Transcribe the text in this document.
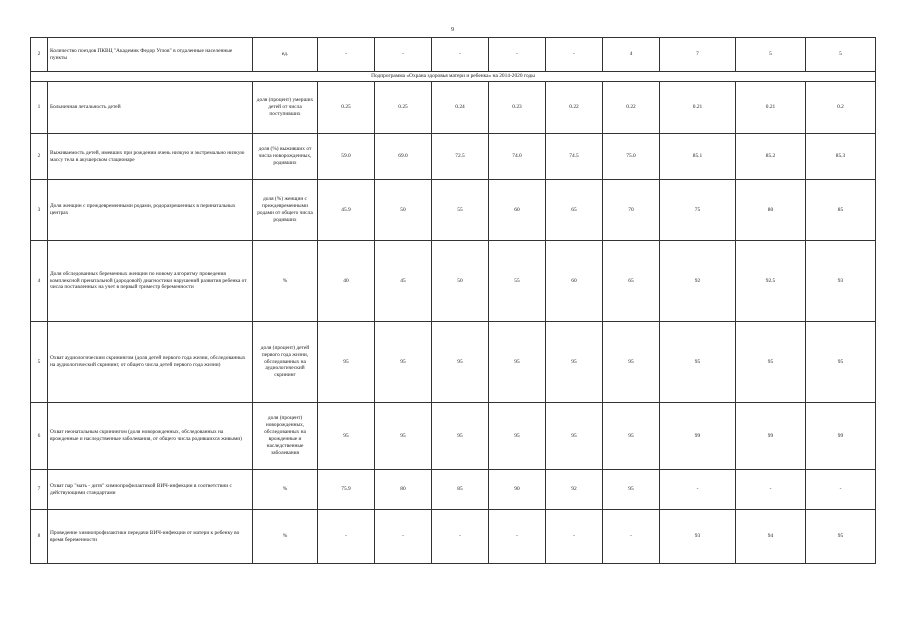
9
2	Количество поездов ПКВЦ "Академик Федор Углов" в отдаленные населенные пункты	ед.	-	-	-	-	-	4	7	5	5
Подпрограмма «Охрана здоровья матери и ребенка» на 2014-2020 годы											
1	Больничная летальность детей	доля (процент) умерших детей от числа поступивших	0.25	0.25	0.24	0.23	0.22	0.22	0.21	0.21	0.2
2	Выживаемость детей, имевших при рождении очень низкую и экстремально низкую массу тела в акушерском стационаре	доля (%) выживших от числа новорожденных, родивших	59.0	69.0	72.5	74.0	74.5	75.0	85.1	85.2	85.3
3	Доля женщин с преждевременными родами, родоразрешенных в перинатальных центрах	доля (%) женщин с преждевременными родами от общего числа родивших	45.9	50	55	60	65	70	75	80	85
4	Доля обследованных беременных женщин по новому алгоритму проведения комплексной пренатальной (дородовой) диагностики нарушений развития ребенка от числа поставленных на учет в первый триместр беременности	%	40	45	50	55	60	65	92	92.5	93
5	Охват аудиологическим скринингом (доля детей первого года жизни, обследованных на аудиологический скрининг, от общего числа детей первого года жизни)	доля (процент) детей первого года жизни, обследованных на аудиологический скрининг	95	95	95	95	95	95	95	95	95
6	Охват неонатальным скринингом (доля новорожденных, обследованных на врожденные и наследственные заболевания, от общего числа родившихся живыми)	доля (процент) новорожденных, обследованных на врожденные и наследственные заболевания	95	95	95	95	95	95	99	99	99
7	Охват пар "мать - дитя" химиопрофилактикой ВИЧ-инфекции в соответствии с действующими стандартами	%	75.9	80	85	90	92	95	-	-	-
8	Проведение химиопрофилактики передачи ВИЧ-инфекции от матери к ребенку во время беременности	%	-	-	-	-	-	-	93	94	95
